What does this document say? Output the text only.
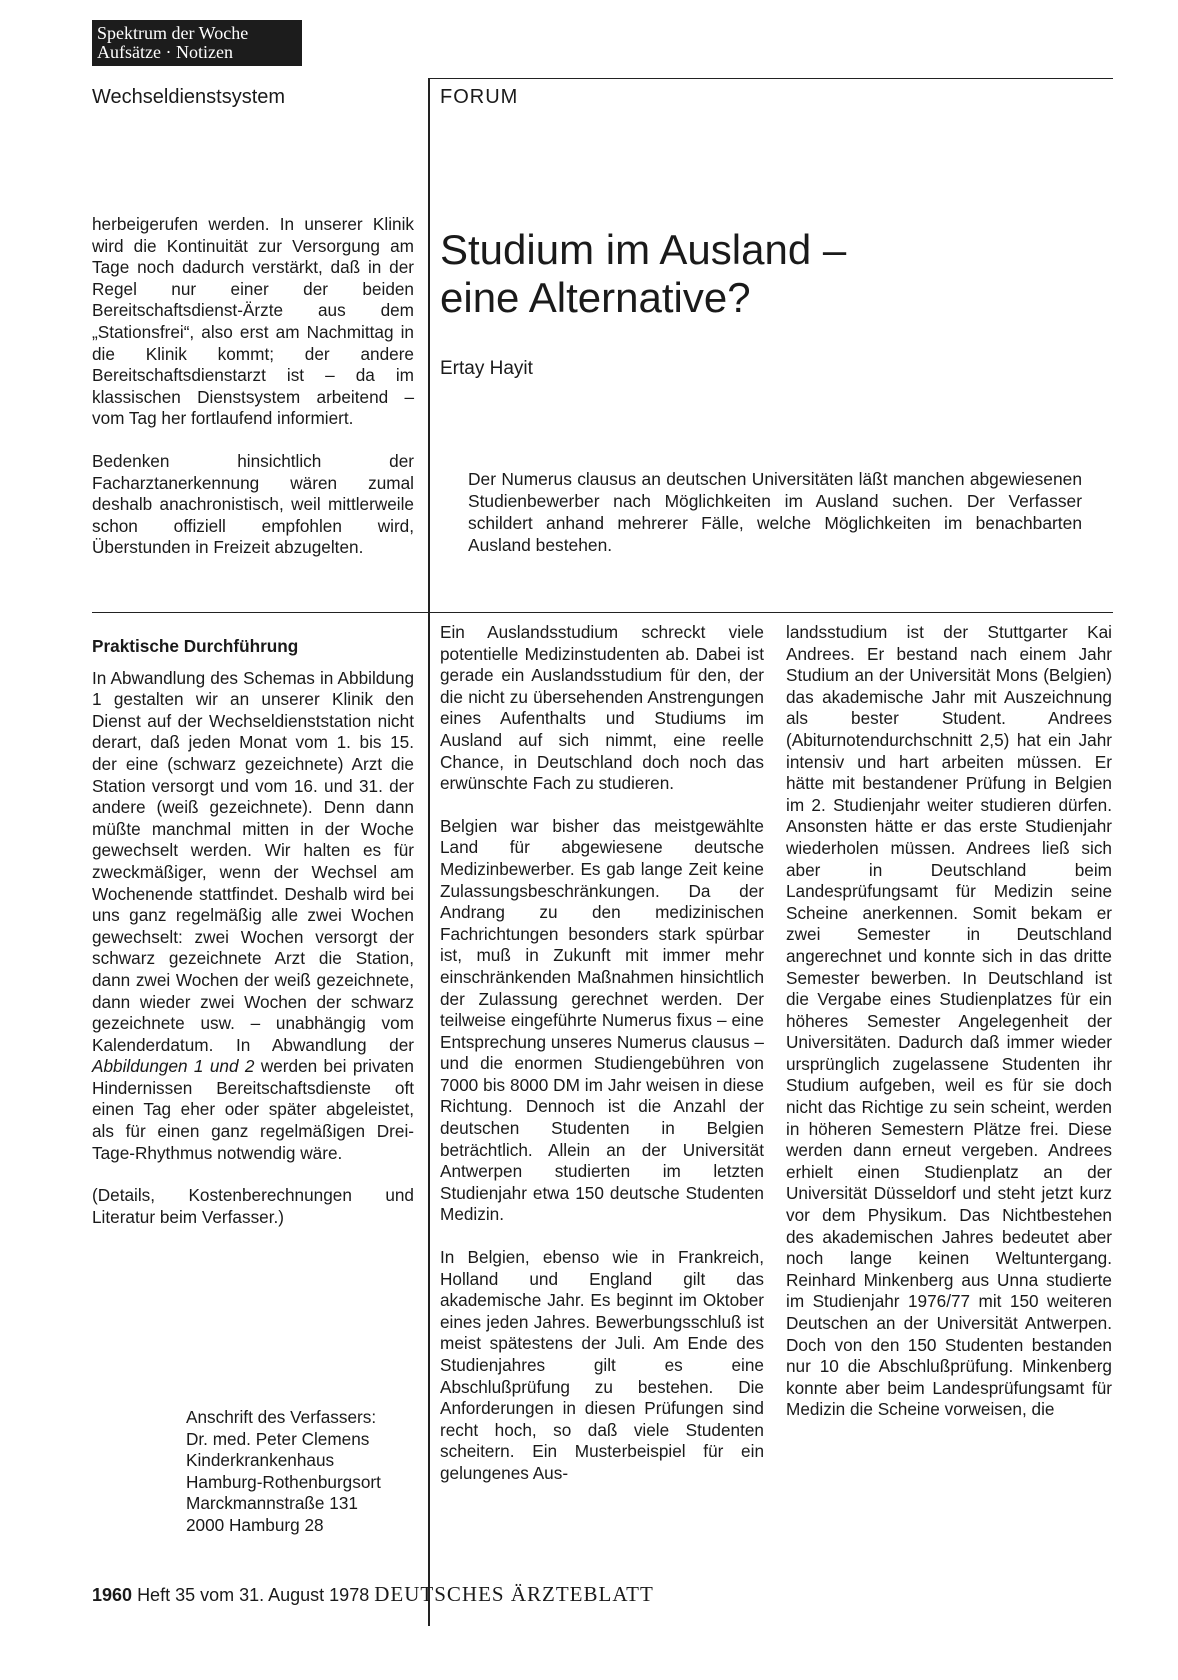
Spektrum der Woche
Aufsätze · Notizen
Wechseldienstsystem	FORUM

herbeigerufen werden. In unserer Klinik wird die Kontinuität zur Versorgung am Tage noch dadurch verstärkt, daß in der Regel nur einer der beiden Bereitschaftsdienst-Ärzte aus dem „Stationsfrei“, also erst am Nachmittag in die Klinik kommt; der andere Bereitschaftsdienstarzt ist – da im klassischen Dienstsystem arbeitend – vom Tag her fortlaufend informiert.

Bedenken hinsichtlich der Facharztanerkennung wären zumal deshalb anachronistisch, weil mittlerweile schon offiziell empfohlen wird, Überstunden in Freizeit abzugelten.

Praktische Durchführung

In Abwandlung des Schemas in Abbildung 1 gestalten wir an unserer Klinik den Dienst auf der Wechseldienststation nicht derart, daß jeden Monat vom 1. bis 15. der eine (schwarz gezeichnete) Arzt die Station versorgt und vom 16. und 31. der andere (weiß gezeichnete). Denn dann müßte manchmal mitten in der Woche gewechselt werden. Wir halten es für zweckmäßiger, wenn der Wechsel am Wochenende stattfindet. Deshalb wird bei uns ganz regelmäßig alle zwei Wochen gewechselt: zwei Wochen versorgt der schwarz gezeichnete Arzt die Station, dann zwei Wochen der weiß gezeichnete, dann wieder zwei Wochen der schwarz gezeichnete usw. – unabhängig vom Kalenderdatum. In Abwandlung der Abbildungen 1 und 2 werden bei privaten Hindernissen Bereitschaftsdienste oft einen Tag eher oder später abgeleistet, als für einen ganz regelmäßigen Drei-Tage-Rhythmus notwendig wäre.

(Details, Kostenberechnungen und Literatur beim Verfasser.)

Anschrift des Verfassers:
Dr. med. Peter Clemens
Kinderkrankenhaus
Hamburg-Rothenburgsort
Marckmannstraße 131
2000 Hamburg 28
Studium im Ausland –
eine Alternative?
Ertay Hayit
Der Numerus clausus an deutschen Universitäten läßt manchen abgewiesenen Studienbewerber nach Möglichkeiten im Ausland suchen. Der Verfasser schildert anhand mehrerer Fälle, welche Möglichkeiten im benachbarten Ausland bestehen.

Ein Auslandsstudium schreckt viele potentielle Medizinstudenten ab. Dabei ist gerade ein Auslandsstudium für den, der die nicht zu übersehenden Anstrengungen eines Aufenthalts und Studiums im Ausland auf sich nimmt, eine reelle Chance, in Deutschland doch noch das erwünschte Fach zu studieren.

Belgien war bisher das meistgewählte Land für abgewiesene deutsche Medizinbewerber. Es gab lange Zeit keine Zulassungsbeschränkungen. Da der Andrang zu den medizinischen Fachrichtungen besonders stark spürbar ist, muß in Zukunft mit immer mehr einschränkenden Maßnahmen hinsichtlich der Zulassung gerechnet werden. Der teilweise eingeführte Numerus fixus – eine Entsprechung unseres Numerus clausus – und die enormen Studiengebühren von 7000 bis 8000 DM im Jahr weisen in diese Richtung. Dennoch ist die Anzahl der deutschen Studenten in Belgien beträchtlich. Allein an der Universität Antwerpen studierten im letzten Studienjahr etwa 150 deutsche Studenten Medizin.

In Belgien, ebenso wie in Frankreich, Holland und England gilt das akademische Jahr. Es beginnt im Oktober eines jeden Jahres. Bewerbungsschluß ist meist spätestens der Juli. Am Ende des Studienjahres gilt es eine Abschlußprüfung zu bestehen. Die Anforderungen in diesen Prüfungen sind recht hoch, so daß viele Studenten scheitern. Ein Musterbeispiel für ein gelungenes Aus-

landsstudium ist der Stuttgarter Kai Andrees. Er bestand nach einem Jahr Studium an der Universität Mons (Belgien) das akademische Jahr mit Auszeichnung als bester Student. Andrees (Abiturnotendurchschnitt 2,5) hat ein Jahr intensiv und hart arbeiten müssen. Er hätte mit bestandener Prüfung in Belgien im 2. Studienjahr weiter studieren dürfen. Ansonsten hätte er das erste Studienjahr wiederholen müssen. Andrees ließ sich aber in Deutschland beim Landesprüfungsamt für Medizin seine Scheine anerkennen. Somit bekam er zwei Semester in Deutschland angerechnet und konnte sich in das dritte Semester bewerben. In Deutschland ist die Vergabe eines Studienplatzes für ein höheres Semester Angelegenheit der Universitäten. Dadurch daß immer wieder ursprünglich zugelassene Studenten ihr Studium aufgeben, weil es für sie doch nicht das Richtige zu sein scheint, werden in höheren Semestern Plätze frei. Diese werden dann erneut vergeben. Andrees erhielt einen Studienplatz an der Universität Düsseldorf und steht jetzt kurz vor dem Physikum. Das Nichtbestehen des akademischen Jahres bedeutet aber noch lange keinen Weltuntergang. Reinhard Minkenberg aus Unna studierte im Studienjahr 1976/77 mit 150 weiteren Deutschen an der Universität Antwerpen. Doch von den 150 Studenten bestanden nur 10 die Abschlußprüfung. Minkenberg konnte aber beim Landesprüfungsamt für Medizin die Scheine vorweisen, die

1960 Heft 35 vom 31. August 1978 DEUTSCHES ÄRZTEBLATT
